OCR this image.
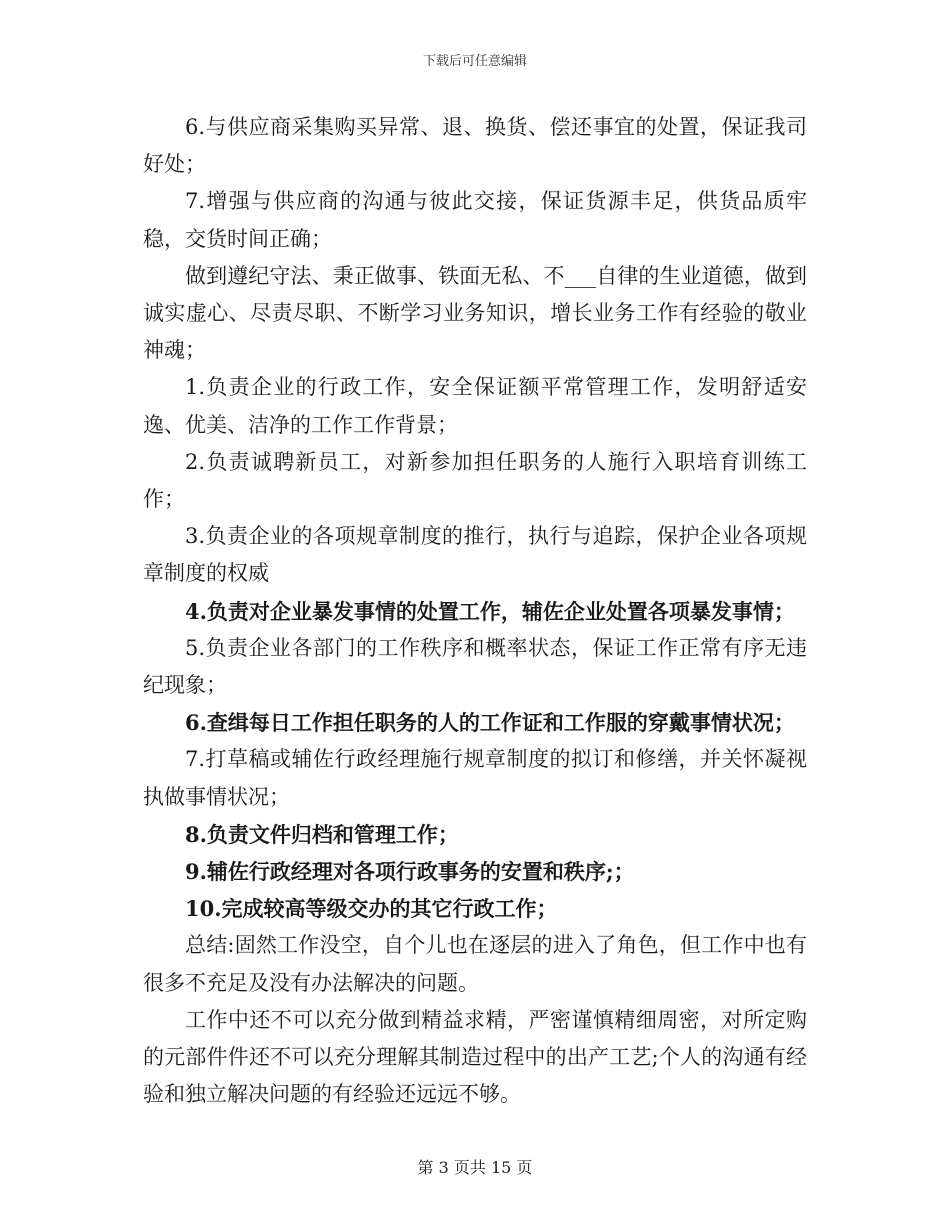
下载后可任意编辑

6.与供应商采集购买异常、退、换货、偿还事宜的处置，保证我司好处；

7.增强与供应商的沟通与彼此交接，保证货源丰足，供货品质牢稳，交货时间正确；

做到遵纪守法、秉正做事、铁面无私、不___自律的生业道德，做到诚实虚心、尽责尽职、不断学习业务知识，增长业务工作有经验的敬业神魂；

1.负责企业的行政工作，安全保证额平常管理工作，发明舒适安逸、优美、洁净的工作工作背景；

2.负责诚聘新员工，对新参加担任职务的人施行入职培育训练工作；

3.负责企业的各项规章制度的推行，执行与追踪，保护企业各项规章制度的权威

4.负责对企业暴发事情的处置工作，辅佐企业处置各项暴发事情；

5.负责企业各部门的工作秩序和概率状态，保证工作正常有序无违纪现象；

6.查缉每日工作担任职务的人的工作证和工作服的穿戴事情状况；

7.打草稿或辅佐行政经理施行规章制度的拟订和修缮，并关怀凝视执做事情状况；

8.负责文件归档和管理工作；

9.辅佐行政经理对各项行政事务的安置和秩序;；

10.完成较高等级交办的其它行政工作；

总结:固然工作没空，自个儿也在逐层的进入了角色，但工作中也有很多不充足及没有办法解决的问题。

工作中还不可以充分做到精益求精，严密谨慎精细周密，对所定购的元部件件还不可以充分理解其制造过程中的出产工艺;个人的沟通有经验和独立解决问题的有经验还远远不够。

第 3 页共 15 页
